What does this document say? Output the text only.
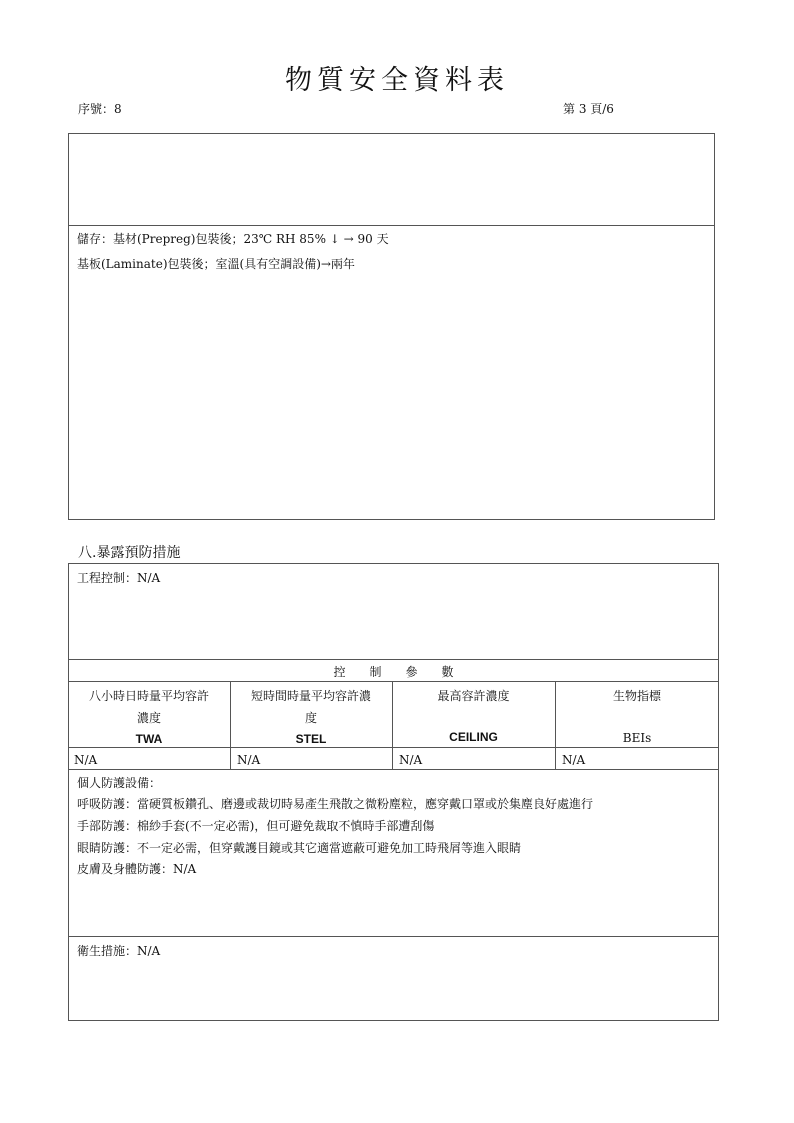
物質安全資料表
序號：8	第 3 頁/6
儲存：基材(Prepreg)包裝後；23℃ RH 85% ↓ → 90 天
基板(Laminate)包裝後；室溫(具有空調設備)→兩年
八.暴露預防措施
工程控制：N/A
控　　制　　參　　數
八小時日時量平均容許
濃度
TWA
N/A
短時間時量平均容許濃
度
STEL
N/A
最高容許濃度
CEILING
N/A
生物指標
BEIs
N/A
個人防護設備：
呼吸防護：當硬質板鑽孔、磨邊或裁切時易產生飛散之微粉塵粒，應穿戴口罩或於集塵良好處進行
手部防護：棉紗手套(不一定必需)，但可避免裁取不慎時手部遭刮傷
眼睛防護：不一定必需，但穿戴護目鏡或其它適當遮蔽可避免加工時飛屑等進入眼睛
皮膚及身體防護：N/A
衛生措施：N/A
